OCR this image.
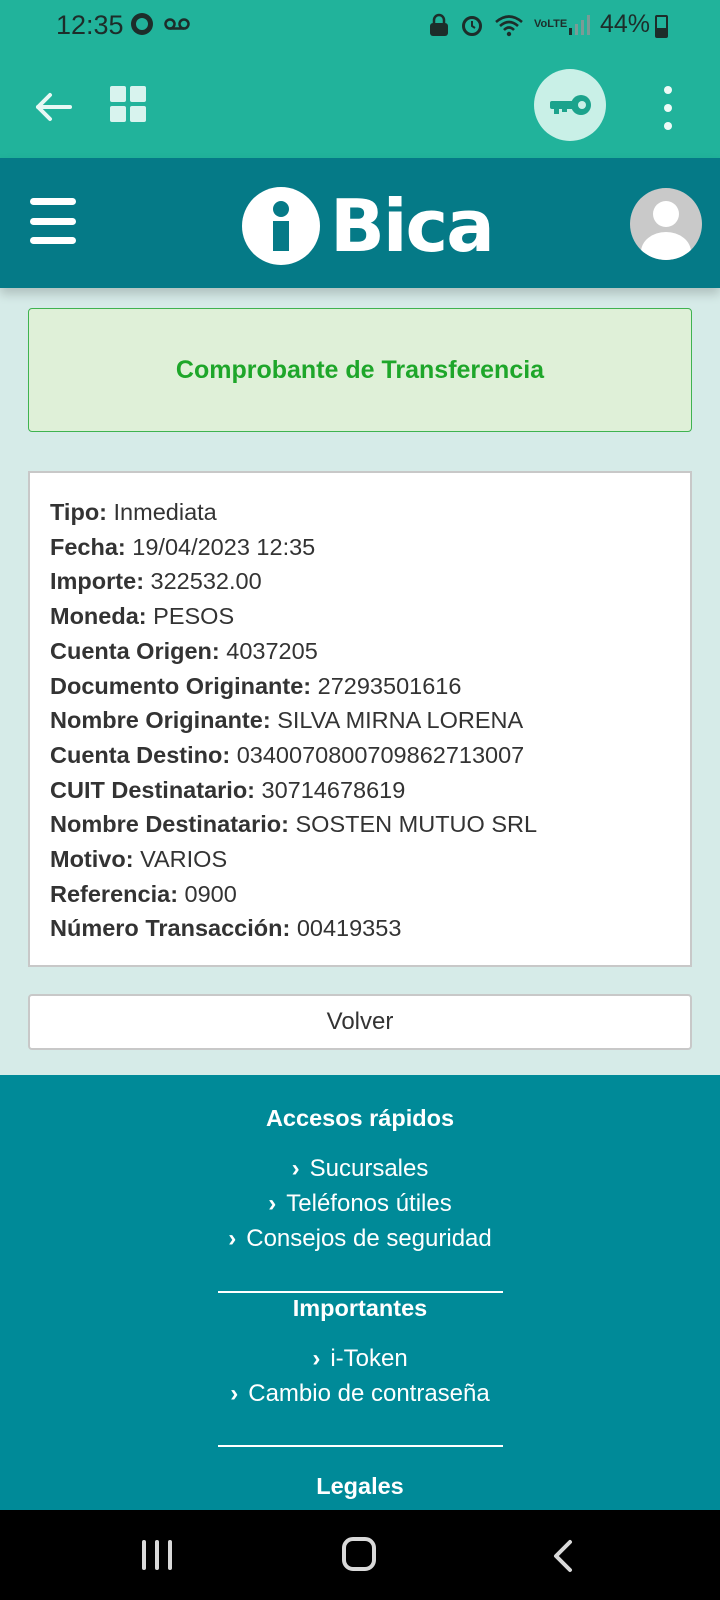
12:35	VoLTE 44%
Bica
Comprobante de Transferencia
Tipo: Inmediata
Fecha: 19/04/2023 12:35
Importe: 322532.00
Moneda: PESOS
Cuenta Origen: 4037205
Documento Originante: 27293501616
Nombre Originante: SILVA MIRNA LORENA
Cuenta Destino: 0340070800709862713007
CUIT Destinatario: 30714678619
Nombre Destinatario: SOSTEN MUTUO SRL
Motivo: VARIOS
Referencia: 0900
Número Transacción: 00419353
Volver
Accesos rápidos
› Sucursales
› Teléfonos útiles
› Consejos de seguridad
Importantes
› i-Token
› Cambio de contraseña
Legales
